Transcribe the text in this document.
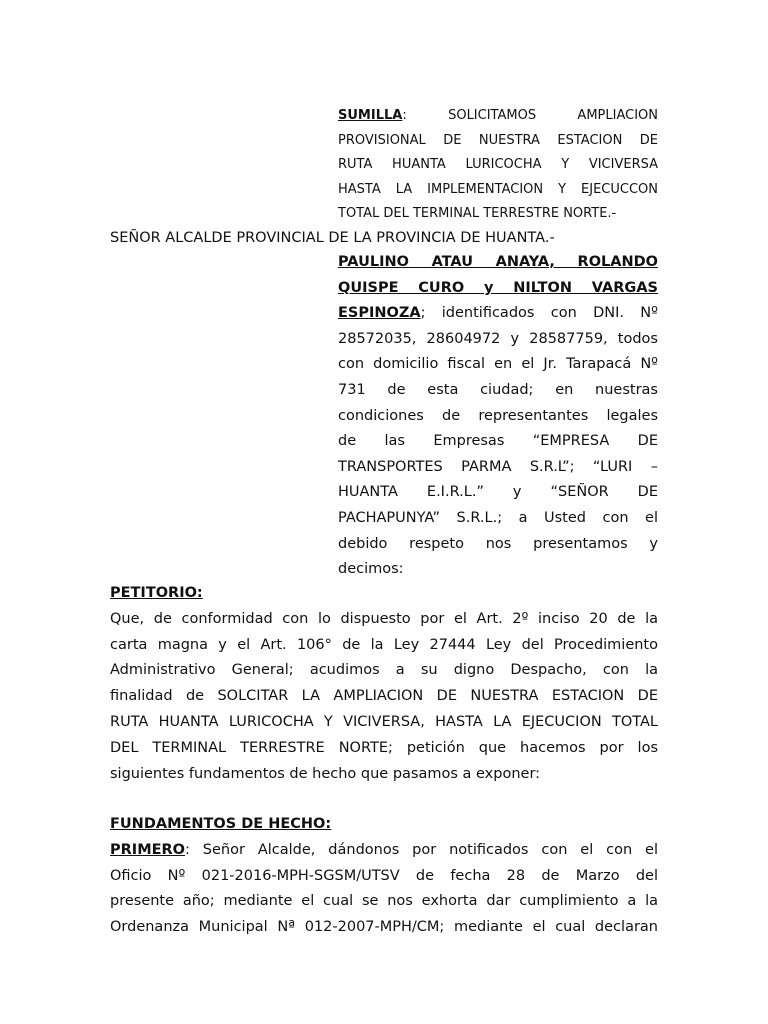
SUMILLA:	SOLICITAMOS AMPLIACION
PROVISIONAL DE NUESTRA ESTACION DE
RUTA HUANTA LURICOCHA Y VICIVERSA
HASTA LA IMPLEMENTACION Y EJECUCCON
TOTAL DEL TERMINAL TERRESTRE NORTE.-
SEÑOR ALCALDE PROVINCIAL DE LA PROVINCIA DE HUANTA.-
PAULINO ATAU ANAYA, ROLANDO
QUISPE CURO y NILTON VARGAS
ESPINOZA; identificados con DNI. Nº
28572035, 28604972 y 28587759, todos
con domicilio fiscal en el Jr. Tarapacá Nº
731 de esta ciudad; en nuestras
condiciones de representantes legales
de las Empresas “EMPRESA DE
TRANSPORTES PARMA S.R.L”; “LURI –
HUANTA E.I.R.L.” y “SEÑOR DE
PACHAPUNYA” S.R.L.; a Usted con el
debido respeto nos presentamos y
decimos:
PETITORIO:
Que, de conformidad con lo dispuesto por el Art. 2º inciso 20 de la
carta magna y el Art. 106° de la Ley 27444 Ley del Procedimiento
Administrativo General; acudimos a su digno Despacho, con la
finalidad de SOLCITAR LA AMPLIACION DE NUESTRA ESTACION DE
RUTA HUANTA LURICOCHA Y VICIVERSA, HASTA LA EJECUCION TOTAL
DEL TERMINAL TERRESTRE NORTE; petición que hacemos por los
siguientes fundamentos de hecho que pasamos a exponer:
FUNDAMENTOS DE HECHO:
PRIMERO: Señor Alcalde, dándonos por notificados con el con el
Oficio Nº 021-2016-MPH-SGSM/UTSV de fecha 28 de Marzo del
presente año; mediante el cual se nos exhorta dar cumplimiento a la
Ordenanza Municipal Nª 012-2007-MPH/CM; mediante el cual declaran
